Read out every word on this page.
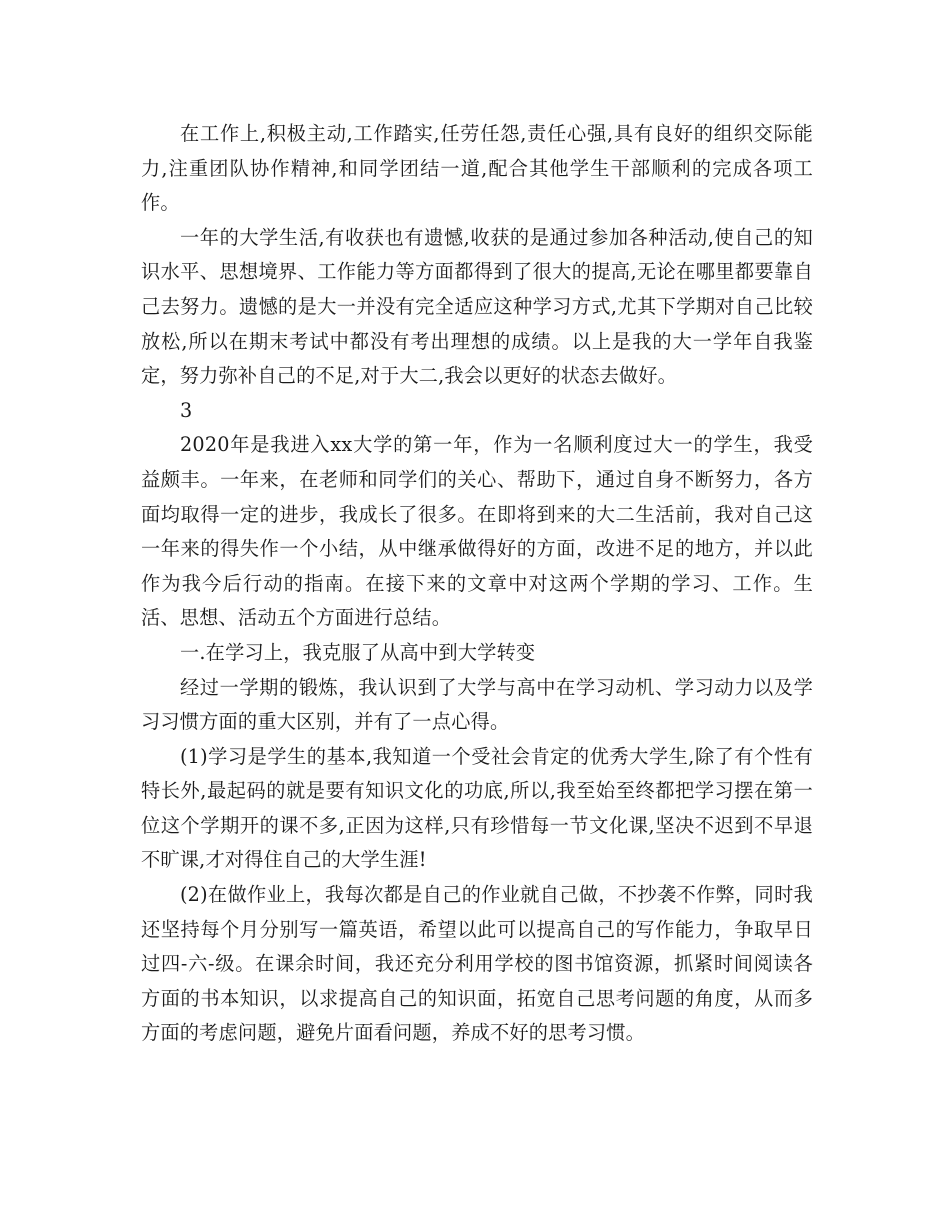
在工作上,积极主动,工作踏实,任劳任怨,责任心强,具有良好的组织交际能力,注重团队协作精神,和同学团结一道,配合其他学生干部顺利的完成各项工作。

一年的大学生活,有收获也有遗憾,收获的是通过参加各种活动,使自己的知识水平、思想境界、工作能力等方面都得到了很大的提高,无论在哪里都要靠自己去努力。遗憾的是大一并没有完全适应这种学习方式,尤其下学期对自己比较放松,所以在期末考试中都没有考出理想的成绩。以上是我的大一学年自我鉴定，努力弥补自己的不足,对于大二,我会以更好的状态去做好。

3

2020年是我进入xx大学的第一年，作为一名顺利度过大一的学生，我受益颇丰。一年来，在老师和同学们的关心、帮助下，通过自身不断努力，各方面均取得一定的进步，我成长了很多。在即将到来的大二生活前，我对自己这一年来的得失作一个小结，从中继承做得好的方面，改进不足的地方，并以此作为我今后行动的指南。在接下来的文章中对这两个学期的学习、工作。生活、思想、活动五个方面进行总结。

一.在学习上，我克服了从高中到大学转变

经过一学期的锻炼，我认识到了大学与高中在学习动机、学习动力以及学习习惯方面的重大区别，并有了一点心得。

(1)学习是学生的基本,我知道一个受社会肯定的优秀大学生,除了有个性有特长外,最起码的就是要有知识文化的功底,所以,我至始至终都把学习摆在第一位这个学期开的课不多,正因为这样,只有珍惜每一节文化课,坚决不迟到不早退不旷课,才对得住自己的大学生涯!

(2)在做作业上，我每次都是自己的作业就自己做，不抄袭不作弊，同时我还坚持每个月分别写一篇英语，希望以此可以提高自己的写作能力，争取早日过四-六-级。在课余时间，我还充分利用学校的图书馆资源，抓紧时间阅读各方面的书本知识，以求提高自己的知识面，拓宽自己思考问题的角度，从而多方面的考虑问题，避免片面看问题，养成不好的思考习惯。
